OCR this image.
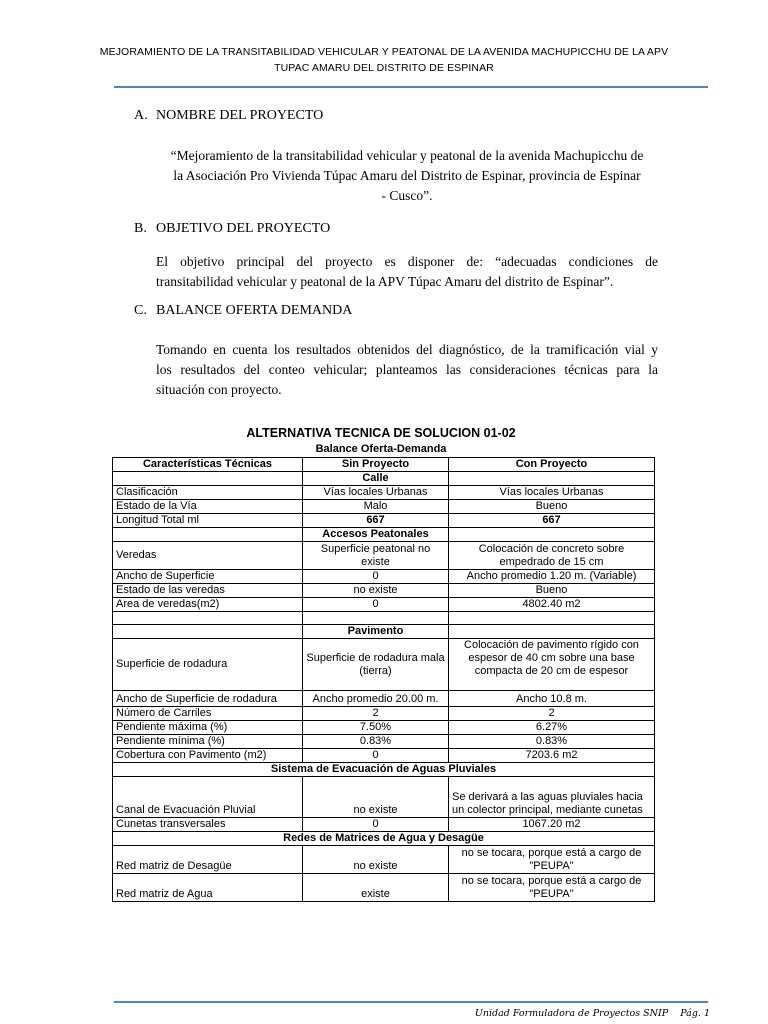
MEJORAMIENTO DE LA TRANSITABILIDAD VEHICULAR Y PEATONAL DE LA AVENIDA MACHUPICCHU DE LA APV
TUPAC AMARU DEL DISTRITO DE ESPINAR
A. NOMBRE DEL PROYECTO
“Mejoramiento de la transitabilidad vehicular y peatonal de la avenida Machupicchu de
la Asociación Pro Vivienda Túpac Amaru del Distrito de Espinar, provincia de Espinar
- Cusco”.
B. OBJETIVO DEL PROYECTO
El objetivo principal del proyecto es disponer de: “adecuadas condiciones de
transitabilidad vehicular y peatonal de la APV Túpac Amaru del distrito de Espinar”.
C. BALANCE OFERTA DEMANDA
Tomando en cuenta los resultados obtenidos del diagnóstico, de la tramificación vial y
los resultados del conteo vehicular; planteamos las consideraciones técnicas para la
situación con proyecto.
ALTERNATIVA TECNICA DE SOLUCION 01-02
Balance Oferta-Demanda
Características Técnicas	Sin Proyecto	Con Proyecto
	Calle	
Clasificación	Vías locales Urbanas	Vías locales Urbanas
Estado de la Vía	Malo	Bueno
Longitud Total ml	667	667
	Accesos Peatonales	
Veredas	Superficie peatonal no existe	Colocación de concreto sobre empedrado de 15 cm
Ancho de Superficie	0	Ancho promedio 1.20 m. (Variable)
Estado de las veredas	no existe	Bueno
Area de veredas(m2)	0	4802.40 m2

	Pavimento	
Superficie de rodadura	Superficie de rodadura mala (tierra)	Colocación de pavimento rígido con espesor de 40 cm sobre una base compacta de 20 cm de espesor
Ancho de Superficie de rodadura	Ancho promedio 20.00 m.	Ancho 10.8 m.
Número de Carriles	2	2
Pendiente máxima (%)	7.50%	6.27%
Pendiente mínima (%)	0.83%	0.83%
Cobertura con Pavimento (m2)	0	7203.6 m2
Sistema de Evacuación de Aguas Pluviales		
Canal de Evacuación Pluvial	no existe	Se derivará a las aguas pluviales hacia un colector principal, mediante cunetas
Cunetas transversales	0	1067.20 m2
Redes de Matrices de Agua y Desagüe		
Red matriz de Desagüe	no existe	no se tocara, porque está a cargo de "PEUPA"
Red matriz de Agua	existe	no se tocara, porque está a cargo de "PEUPA"
Unidad Formuladora de Proyectos SNIP Pág. 1
